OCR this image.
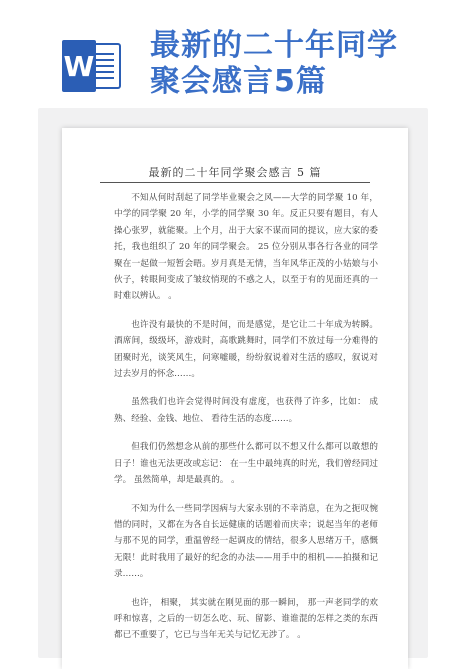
W
最新的二十年同学
聚会感言5篇
最新的二十年同学聚会感言 5 篇

不知从何时刮起了同学毕业聚会之风——大学的同学聚 10 年，中学的同学聚 20 年，小学的同学聚 30 年。反正只要有题目，有人操心张罗，就能聚。上个月，出于大家不谋而同的提议，应大家的委托，我也组织了 20 年的同学聚会。 25 位分别从事各行各业的同学聚在一起做一短暂会晤。岁月真是无情，当年风华正茂的小姑娘与小伙子，转眼间变成了皱纹悄现的不惑之人，以至于有的见面还真的一时难以辨认。 。

也许没有最快的不是时间，而是感觉，是它让二十年成为转瞬。酒席间，级级坏，游戏时，高歌跳舞时，同学们不放过每一分难得的团聚时光，谈笑风生，问寒嘘暖，纷纷叙说着对生活的感叹，叙说对过去岁月的怀念……。

虽然我们也许会觉得时间没有虚度，也获得了许多，比如： 成熟、经验、金钱、地位、 看待生活的态度……。

但我们仍然想念从前的那些什么都可以不想又什么都可以敢想的日子！谁也无法更改或忘记： 在一生中最纯真的时光，我们曾经同过学。 虽然简单，却是最真的。 。

不知为什么一些同学因病与大家永别的不幸消息，在为之扼叹惋惜的同时，又都在为各自长远健康的话题着而庆幸；说起当年的老师与那不见的同学，重温曾经一起调皮的情结，很多人思绪万千，感慨无限！此时我用了最好的纪念的办法——用手中的相机——拍摄和记录……。

也许， 相聚， 其实就在刚见面的那一瞬间， 那一声老同学的欢呼和惊喜，之后的一切怎么吃、玩、留影、谁谁混的怎样之类的东西都已不重要了，它已与当年无关与记忆无涉了。 。
